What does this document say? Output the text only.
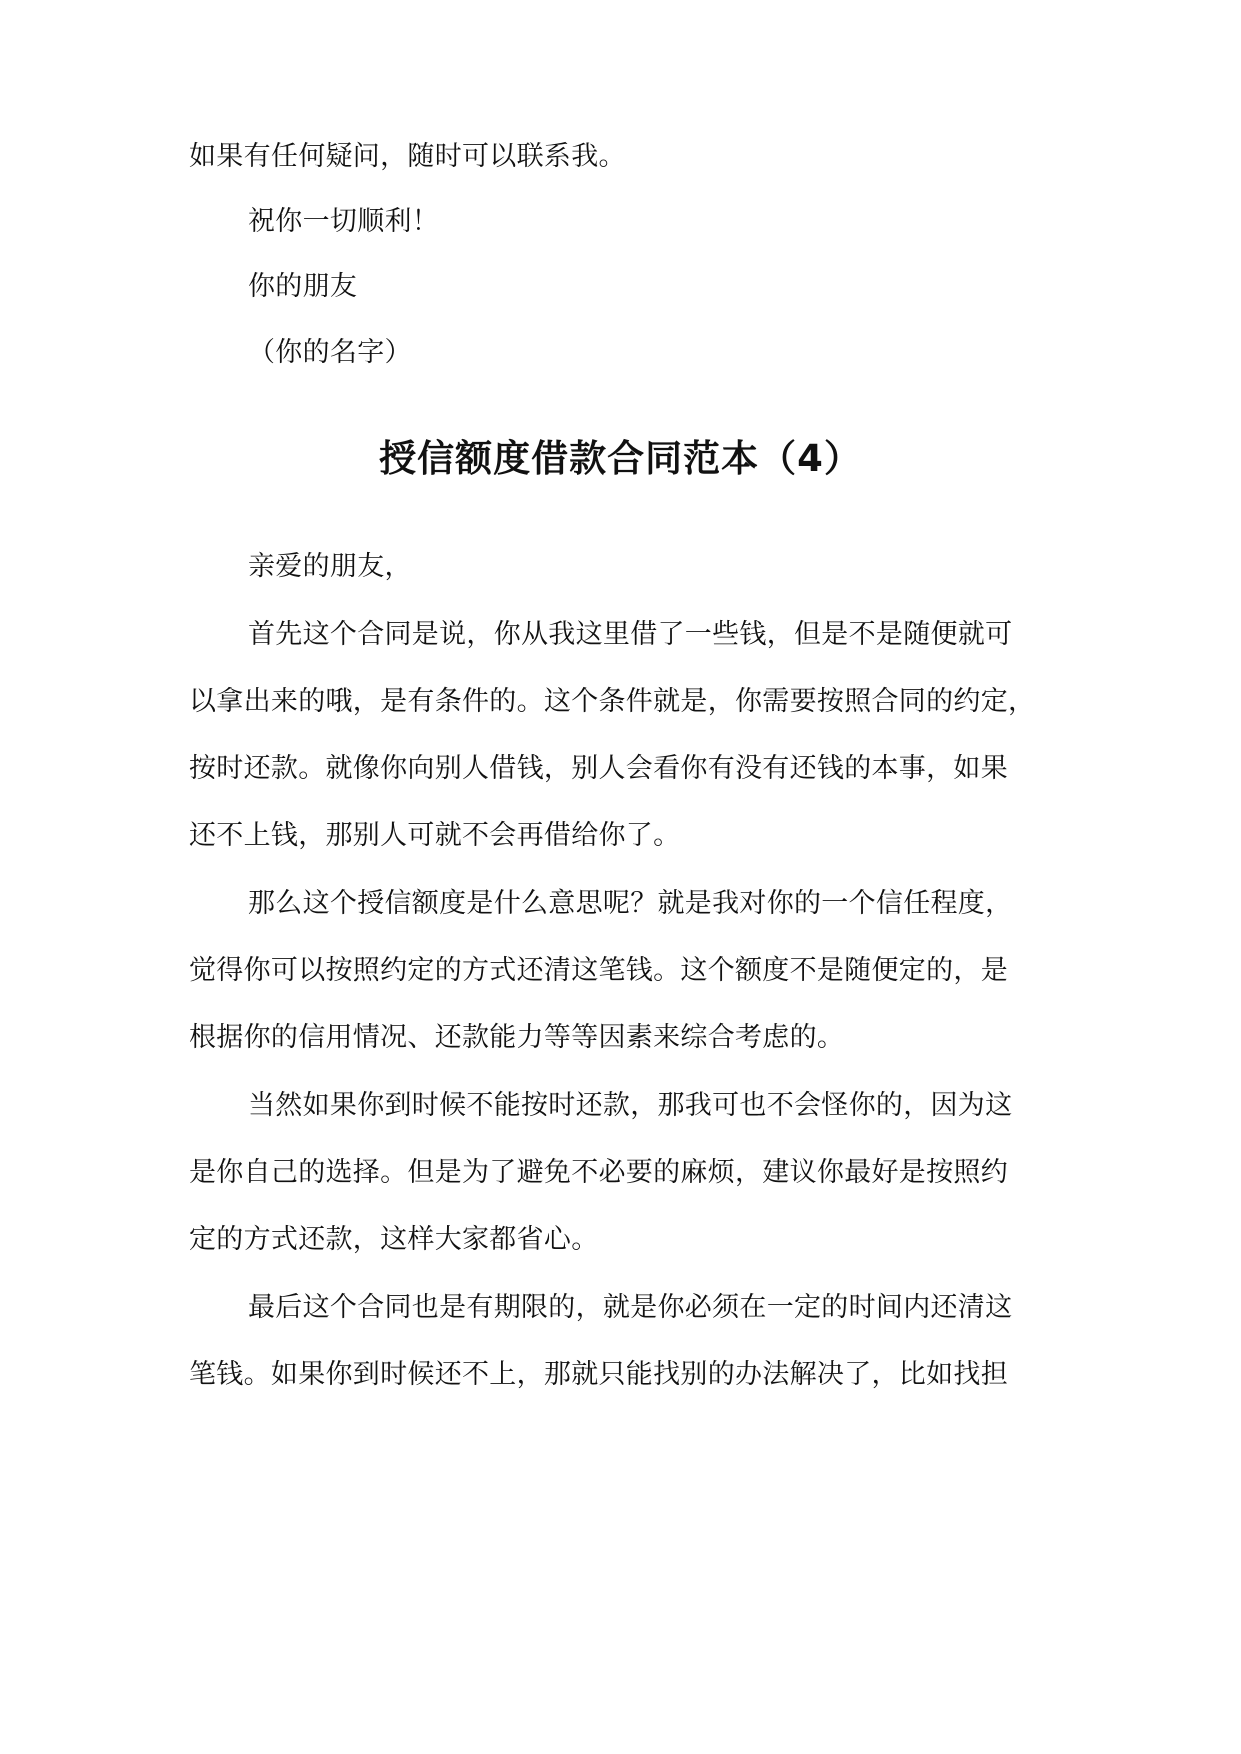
如果有任何疑问，随时可以联系我。
祝你一切顺利！
你的朋友
（你的名字）
授信额度借款合同范本（4）
亲爱的朋友，
首先这个合同是说，你从我这里借了一些钱，但是不是随便就可
以拿出来的哦，是有条件的。这个条件就是，你需要按照合同的约定，
按时还款。就像你向别人借钱，别人会看你有没有还钱的本事，如果
还不上钱，那别人可就不会再借给你了。
那么这个授信额度是什么意思呢？就是我对你的一个信任程度，
觉得你可以按照约定的方式还清这笔钱。这个额度不是随便定的，是
根据你的信用情况、还款能力等等因素来综合考虑的。
当然如果你到时候不能按时还款，那我可也不会怪你的，因为这
是你自己的选择。但是为了避免不必要的麻烦，建议你最好是按照约
定的方式还款，这样大家都省心。
最后这个合同也是有期限的，就是你必须在一定的时间内还清这
笔钱。如果你到时候还不上，那就只能找别的办法解决了，比如找担
